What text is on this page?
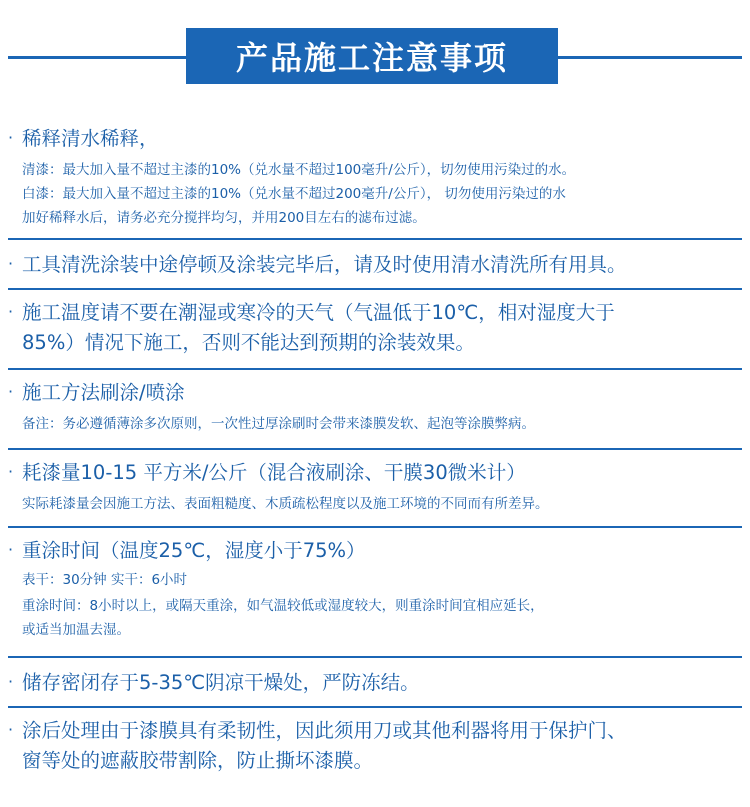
产品施工注意事项
· 稀释清水稀释，
清漆：最大加入量不超过主漆的10%（兑水量不超过100毫升/公斤），切勿使用污染过的水。
白漆：最大加入量不超过主漆的10%（兑水量不超过200毫升/公斤）， 切勿使用污染过的水
加好稀释水后，请务必充分搅拌均匀，并用200目左右的滤布过滤。
· 工具清洗涂装中途停顿及涂装完毕后，请及时使用清水清洗所有用具。
· 施工温度请不要在潮湿或寒冷的天气（气温低于10℃，相对湿度大于
85%）情况下施工，否则不能达到预期的涂装效果。
· 施工方法刷涂/喷涂
备注：务必遵循薄涂多次原则，一次性过厚涂刷时会带来漆膜发软、起泡等涂膜弊病。
· 耗漆量10-15 平方米/公斤（混合液刷涂、干膜30微米计）
实际耗漆量会因施工方法、表面粗糙度、木质疏松程度以及施工环境的不同而有所差异。
· 重涂时间（温度25℃，湿度小于75%）
表干：30分钟 实干：6小时
重涂时间：8小时以上，或隔天重涂，如气温较低或湿度较大，则重涂时间宜相应延长，
或适当加温去湿。
· 储存密闭存于5-35℃阴凉干燥处，严防冻结。
· 涂后处理由于漆膜具有柔韧性，因此须用刀或其他利器将用于保护门、
窗等处的遮蔽胶带割除，防止撕坏漆膜。
